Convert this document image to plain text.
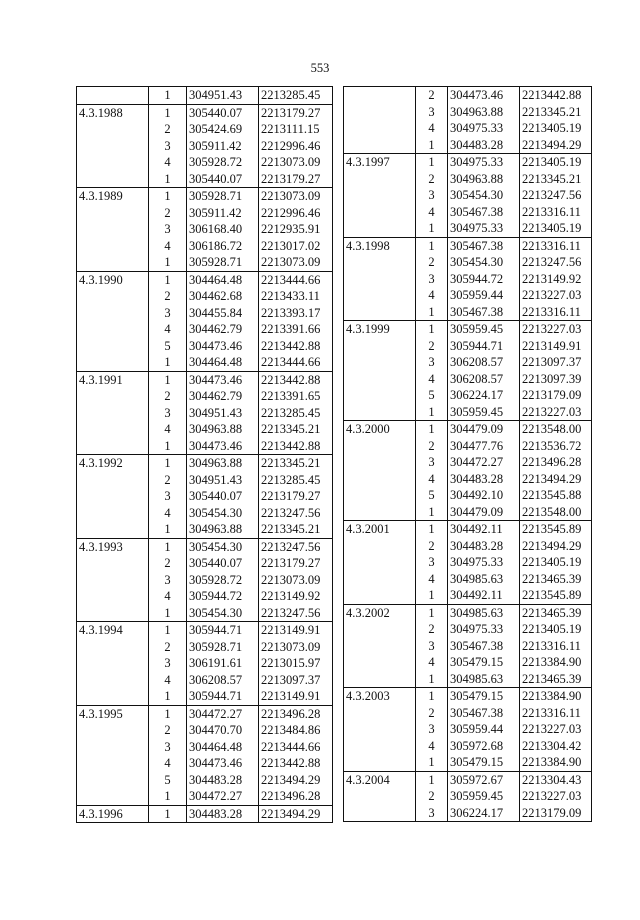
553
	1	304951.43	2213285.45
4.3.1988	1	305440.07	2213179.27
	2	305424.69	2213111.15
	3	305911.42	2212996.46
	4	305928.72	2213073.09
	1	305440.07	2213179.27
4.3.1989	1	305928.71	2213073.09
	2	305911.42	2212996.46
	3	306168.40	2212935.91
	4	306186.72	2213017.02
	1	305928.71	2213073.09
4.3.1990	1	304464.48	2213444.66
	2	304462.68	2213433.11
	3	304455.84	2213393.17
	4	304462.79	2213391.66
	5	304473.46	2213442.88
	1	304464.48	2213444.66
4.3.1991	1	304473.46	2213442.88
	2	304462.79	2213391.65
	3	304951.43	2213285.45
	4	304963.88	2213345.21
	1	304473.46	2213442.88
4.3.1992	1	304963.88	2213345.21
	2	304951.43	2213285.45
	3	305440.07	2213179.27
	4	305454.30	2213247.56
	1	304963.88	2213345.21
4.3.1993	1	305454.30	2213247.56
	2	305440.07	2213179.27
	3	305928.72	2213073.09
	4	305944.72	2213149.92
	1	305454.30	2213247.56
4.3.1994	1	305944.71	2213149.91
	2	305928.71	2213073.09
	3	306191.61	2213015.97
	4	306208.57	2213097.37
	1	305944.71	2213149.91
4.3.1995	1	304472.27	2213496.28
	2	304470.70	2213484.86
	3	304464.48	2213444.66
	4	304473.46	2213442.88
	5	304483.28	2213494.29
	1	304472.27	2213496.28
4.3.1996	1	304483.28	2213494.29
	2	304473.46	2213442.88
	3	304963.88	2213345.21
	4	304975.33	2213405.19
	1	304483.28	2213494.29
4.3.1997	1	304975.33	2213405.19
	2	304963.88	2213345.21
	3	305454.30	2213247.56
	4	305467.38	2213316.11
	1	304975.33	2213405.19
4.3.1998	1	305467.38	2213316.11
	2	305454.30	2213247.56
	3	305944.72	2213149.92
	4	305959.44	2213227.03
	1	305467.38	2213316.11
4.3.1999	1	305959.45	2213227.03
	2	305944.71	2213149.91
	3	306208.57	2213097.37
	4	306208.57	2213097.39
	5	306224.17	2213179.09
	1	305959.45	2213227.03
4.3.2000	1	304479.09	2213548.00
	2	304477.76	2213536.72
	3	304472.27	2213496.28
	4	304483.28	2213494.29
	5	304492.10	2213545.88
	1	304479.09	2213548.00
4.3.2001	1	304492.11	2213545.89
	2	304483.28	2213494.29
	3	304975.33	2213405.19
	4	304985.63	2213465.39
	1	304492.11	2213545.89
4.3.2002	1	304985.63	2213465.39
	2	304975.33	2213405.19
	3	305467.38	2213316.11
	4	305479.15	2213384.90
	1	304985.63	2213465.39
4.3.2003	1	305479.15	2213384.90
	2	305467.38	2213316.11
	3	305959.44	2213227.03
	4	305972.68	2213304.42
	1	305479.15	2213384.90
4.3.2004	1	305972.67	2213304.43
	2	305959.45	2213227.03
	3	306224.17	2213179.09
